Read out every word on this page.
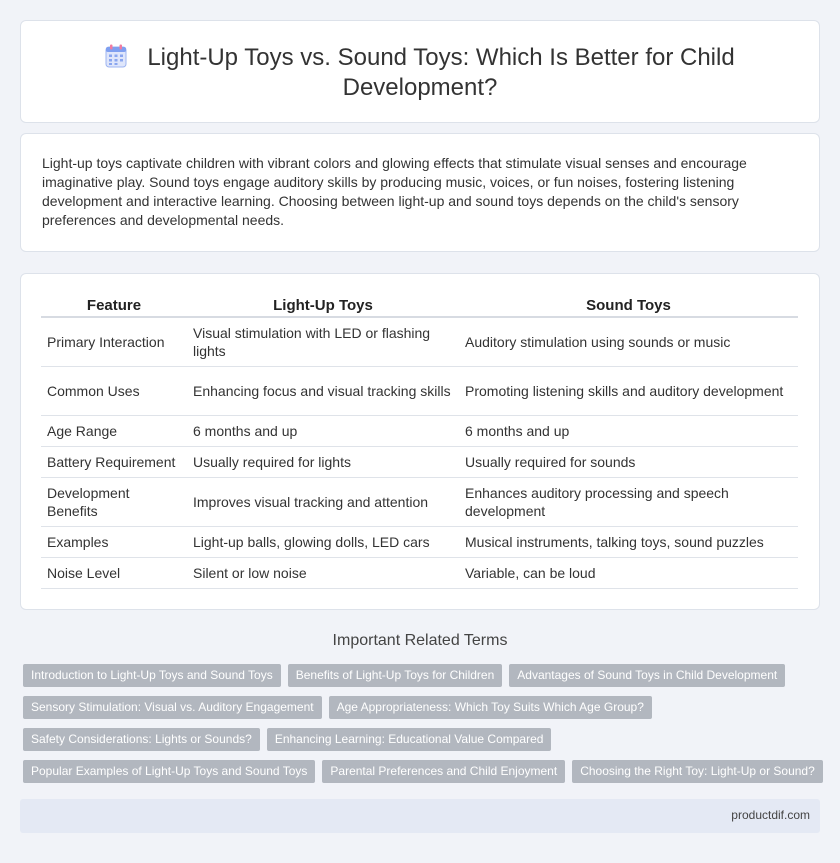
Light-Up Toys vs. Sound Toys: Which Is Better for Child Development?

Light-up toys captivate children with vibrant colors and glowing effects that stimulate visual senses and encourage imaginative play. Sound toys engage auditory skills by producing music, voices, or fun noises, fostering listening development and interactive learning. Choosing between light-up and sound toys depends on the child's sensory preferences and developmental needs.

Feature	Light-Up Toys	Sound Toys
Primary Interaction	Visual stimulation with LED or flashing lights	Auditory stimulation using sounds or music
Common Uses	Enhancing focus and visual tracking skills	Promoting listening skills and auditory development
Age Range	6 months and up	6 months and up
Battery Requirement	Usually required for lights	Usually required for sounds
Development Benefits	Improves visual tracking and attention	Enhances auditory processing and speech development
Examples	Light-up balls, glowing dolls, LED cars	Musical instruments, talking toys, sound puzzles
Noise Level	Silent or low noise	Variable, can be loud
Important Related Terms
Introduction to Light-Up Toys and Sound Toys	Benefits of Light-Up Toys for Children	Advantages of Sound Toys in Child Development
Sensory Stimulation: Visual vs. Auditory Engagement	Age Appropriateness: Which Toy Suits Which Age Group?
Safety Considerations: Lights or Sounds?	Enhancing Learning: Educational Value Compared
Popular Examples of Light-Up Toys and Sound Toys	Parental Preferences and Child Enjoyment	Choosing the Right Toy: Light-Up or Sound?
productdif.com
